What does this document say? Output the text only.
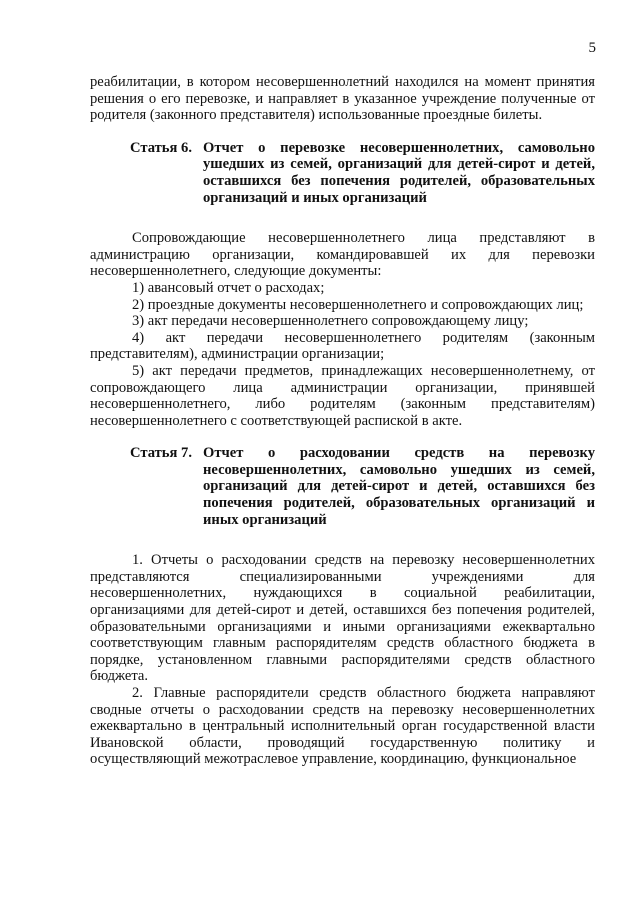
5

реабилитации, в котором несовершеннолетний находился на момент принятия решения о его перевозке, и направляет в указанное учреждение полученные от родителя (законного представителя) использованные проездные билеты.

Статья 6. Отчет о перевозке несовершеннолетних, самовольно ушедших из семей, организаций для детей-сирот и детей, оставшихся без попечения родителей, образовательных организаций и иных организаций

Сопровождающие несовершеннолетнего лица представляют в администрацию организации, командировавшей их для перевозки несовершеннолетнего, следующие документы:

1) авансовый отчет о расходах;

2) проездные документы несовершеннолетнего и сопровождающих лиц;

3) акт передачи несовершеннолетнего сопровождающему лицу;

4) акт передачи несовершеннолетнего родителям (законным представителям), администрации организации;

5) акт передачи предметов, принадлежащих несовершеннолетнему, от сопровождающего лица администрации организации, принявшей несовершеннолетнего, либо родителям (законным представителям) несовершеннолетнего с соответствующей распиской в акте.

Статья 7. Отчет о расходовании средств на перевозку несовершеннолетних, самовольно ушедших из семей, организаций для детей-сирот и детей, оставшихся без попечения родителей, образовательных организаций и иных организаций

1. Отчеты о расходовании средств на перевозку несовершеннолетних представляются специализированными учреждениями для несовершеннолетних, нуждающихся в социальной реабилитации, организациями для детей-сирот и детей, оставшихся без попечения родителей, образовательными организациями и иными организациями ежеквартально соответствующим главным распорядителям средств областного бюджета в порядке, установленном главными распорядителями средств областного бюджета.

2. Главные распорядители средств областного бюджета направляют сводные отчеты о расходовании средств на перевозку несовершеннолетних ежеквартально в центральный исполнительный орган государственной власти Ивановской области, проводящий государственную политику и осуществляющий межотраслевое управление, координацию, функциональное
